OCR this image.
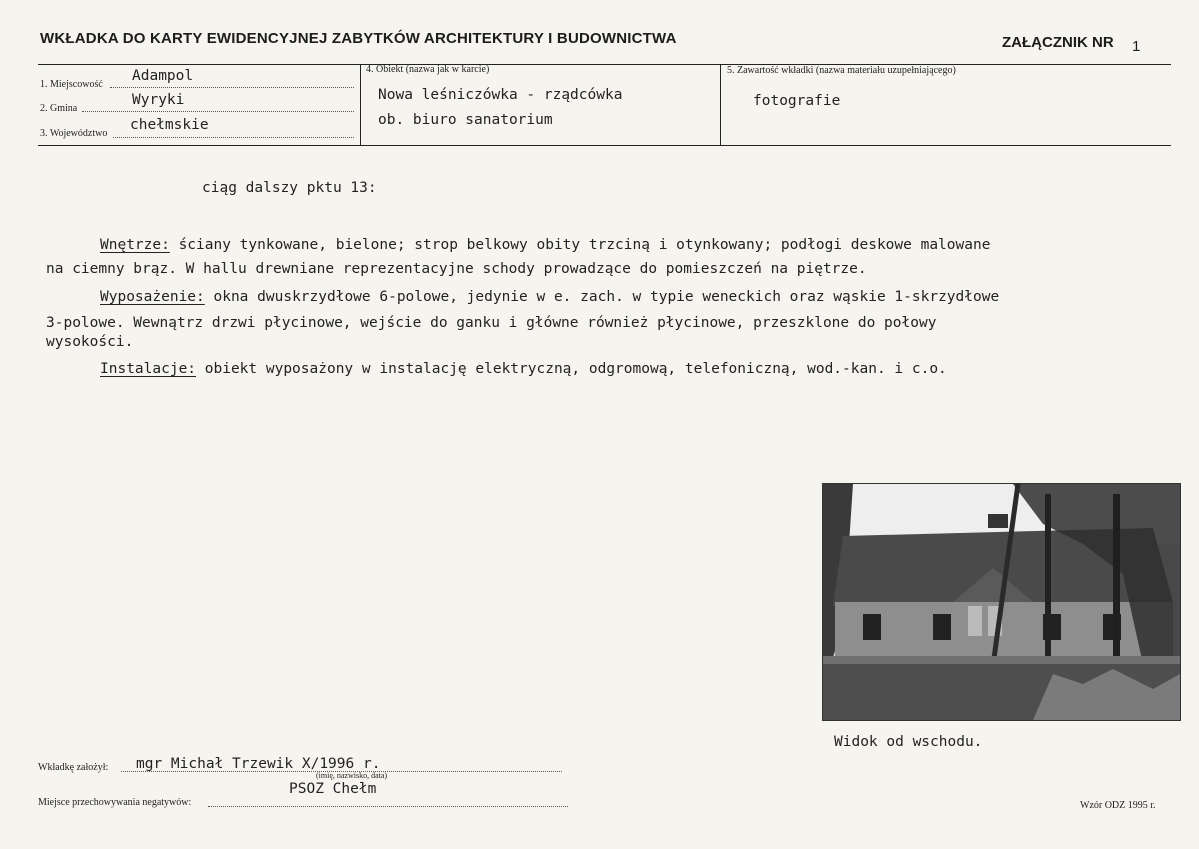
WKŁADKA DO KARTY EWIDENCYJNEJ ZABYTKÓW ARCHITEKTURY I BUDOWNICTWA	ZAŁĄCZNIK NR 1
1. Miejscowość
Adampol
2. Gmina
Wyryki
3. Województwo
chełmskie
4. Obiekt (nazwa jak w karcie)
Nowa leśniczówka - rządcówka
ob. biuro sanatorium
5. Zawartość wkładki (nazwa materiału uzupełniającego)
fotografie
ciąg dalszy pktu 13:
Wnętrze: ściany tynkowane, bielone; strop belkowy obity trzciną i otynkowany; podłogi deskowe malowane
na ciemny brąz. W hallu drewniane reprezentacyjne schody prowadzące do pomieszczeń na piętrze.
Wyposażenie: okna dwuskrzydłowe 6-polowe, jedynie w e. zach. w typie weneckich oraz wąskie 1-skrzydłowe
3-polowe. Wewnątrz drzwi płycinowe, wejście do ganku i główne również płycinowe, przeszklone do połowy
wysokości.
Instalacje: obiekt wyposażony w instalację elektryczną, odgromową, telefoniczną, wod.-kan. i c.o.
Widok od wschodu.
Wkładkę założył: mgr Michał Trzewik X/1996 r.
(imię, nazwisko, data)
PSOZ Chełm
Miejsce przechowywania negatywów:	Wzór ODZ 1995 r.
